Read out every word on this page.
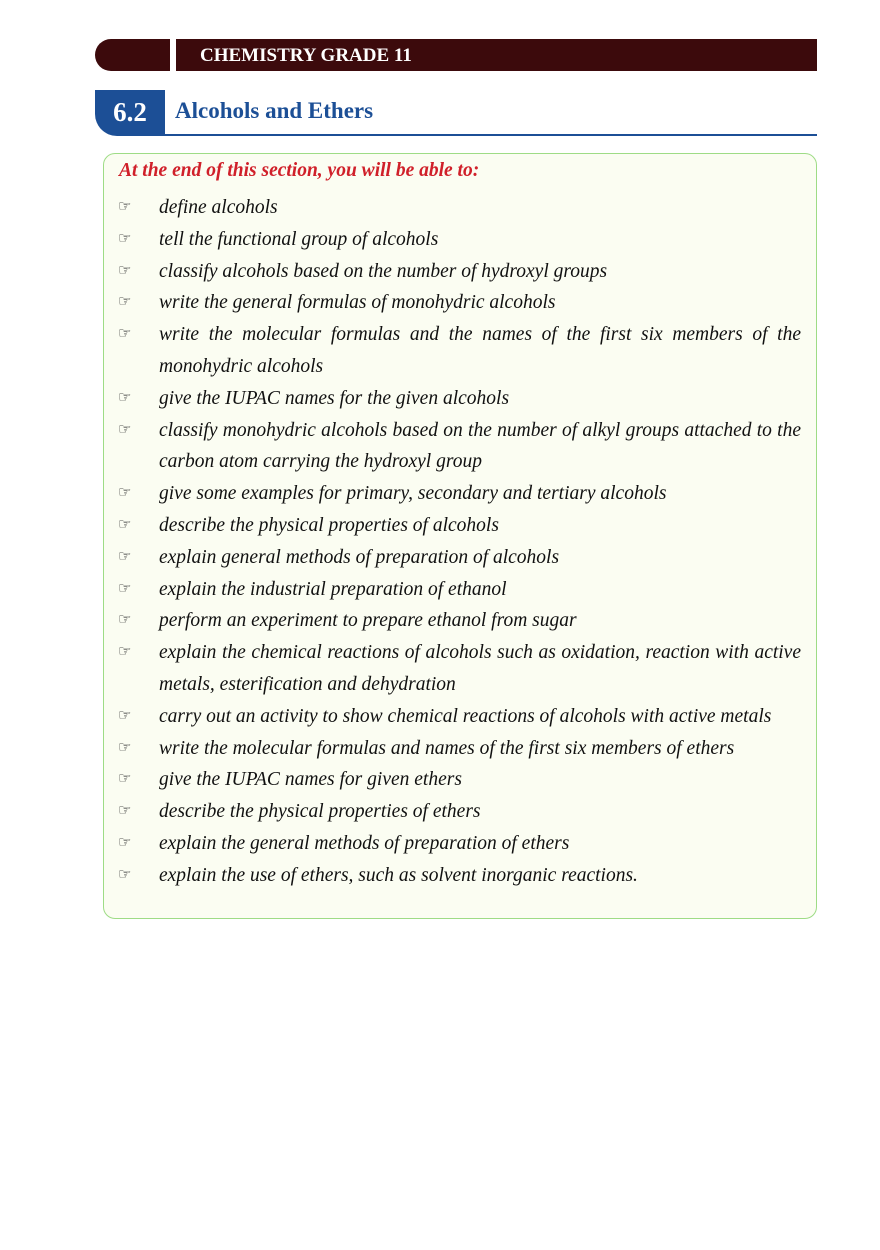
CHEMISTRY GRADE 11
6.2	Alcohols and Ethers
At the end of this section, you will be able to:
☞ define alcohols
☞ tell the functional group of alcohols
☞ classify alcohols based on the number of hydroxyl groups
☞ write the general formulas of monohydric alcohols
☞ write the molecular formulas and the names of the first six members of the monohydric alcohols
☞ give the IUPAC names for the given alcohols
☞ classify monohydric alcohols based on the number of alkyl groups attached to the carbon atom carrying the hydroxyl group
☞ give some examples for primary, secondary and tertiary alcohols
☞ describe the physical properties of alcohols
☞ explain general methods of preparation of alcohols
☞ explain the industrial preparation of ethanol
☞ perform an experiment to prepare ethanol from sugar
☞ explain the chemical reactions of alcohols such as oxidation, reaction with active metals, esterification and dehydration
☞ carry out an activity to show chemical reactions of alcohols with active metals
☞ write the molecular formulas and names of the first six members of ethers
☞ give the IUPAC names for given ethers
☞ describe the physical properties of ethers
☞ explain the general methods of preparation of ethers
☞ explain the use of ethers, such as solvent inorganic reactions.
